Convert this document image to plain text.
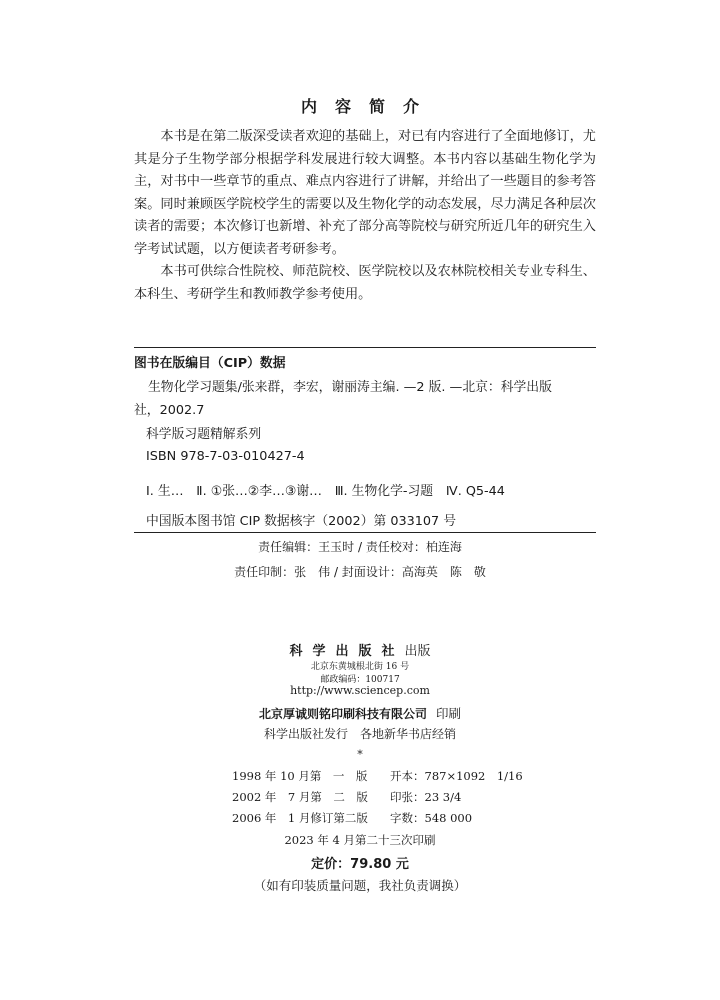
内容简介

本书是在第二版深受读者欢迎的基础上，对已有内容进行了全面地修订，尤其是分子生物学部分根据学科发展进行较大调整。本书内容以基础生物化学为主，对书中一些章节的重点、难点内容进行了讲解，并给出了一些题目的参考答案。同时兼顾医学院校学生的需要以及生物化学的动态发展，尽力满足各种层次读者的需要；本次修订也新增、补充了部分高等院校与研究所近几年的研究生入学考试试题，以方便读者考研参考。

本书可供综合性院校、师范院校、医学院校以及农林院校相关专业专科生、本科生、考研学生和教师教学参考使用。

图书在版编目（CIP）数据
生物化学习题集/张来群，李宏，谢丽涛主编. —2 版. —北京：科学出版
社，2002.7
科学版习题精解系列
ISBN 978-7-03-010427-4
Ⅰ. 生…　Ⅱ. ①张…②李…③谢…　Ⅲ. 生物化学-习题　Ⅳ. Q5-44
中国版本图书馆 CIP 数据核字（2002）第 033107 号
责任编辑：王玉时 / 责任校对：柏连海
责任印制：张　伟 / 封面设计：高海英　陈　敬
科学出版社出版
北京东黄城根北街 16 号
邮政编码：100717
http://www.sciencep.com
北京厚诚则铭印刷科技有限公司 印刷
科学出版社发行　各地新华书店经销
*
1998 年 10 月第　一　版 开本：787×1092　1/16
2002 年　7 月第　二　版 印张：23 3/4
2006 年　1 月修订第二版 字数：548 000
2023 年 4 月第二十三次印刷
定价：79.80 元
（如有印装质量问题，我社负责调换）
